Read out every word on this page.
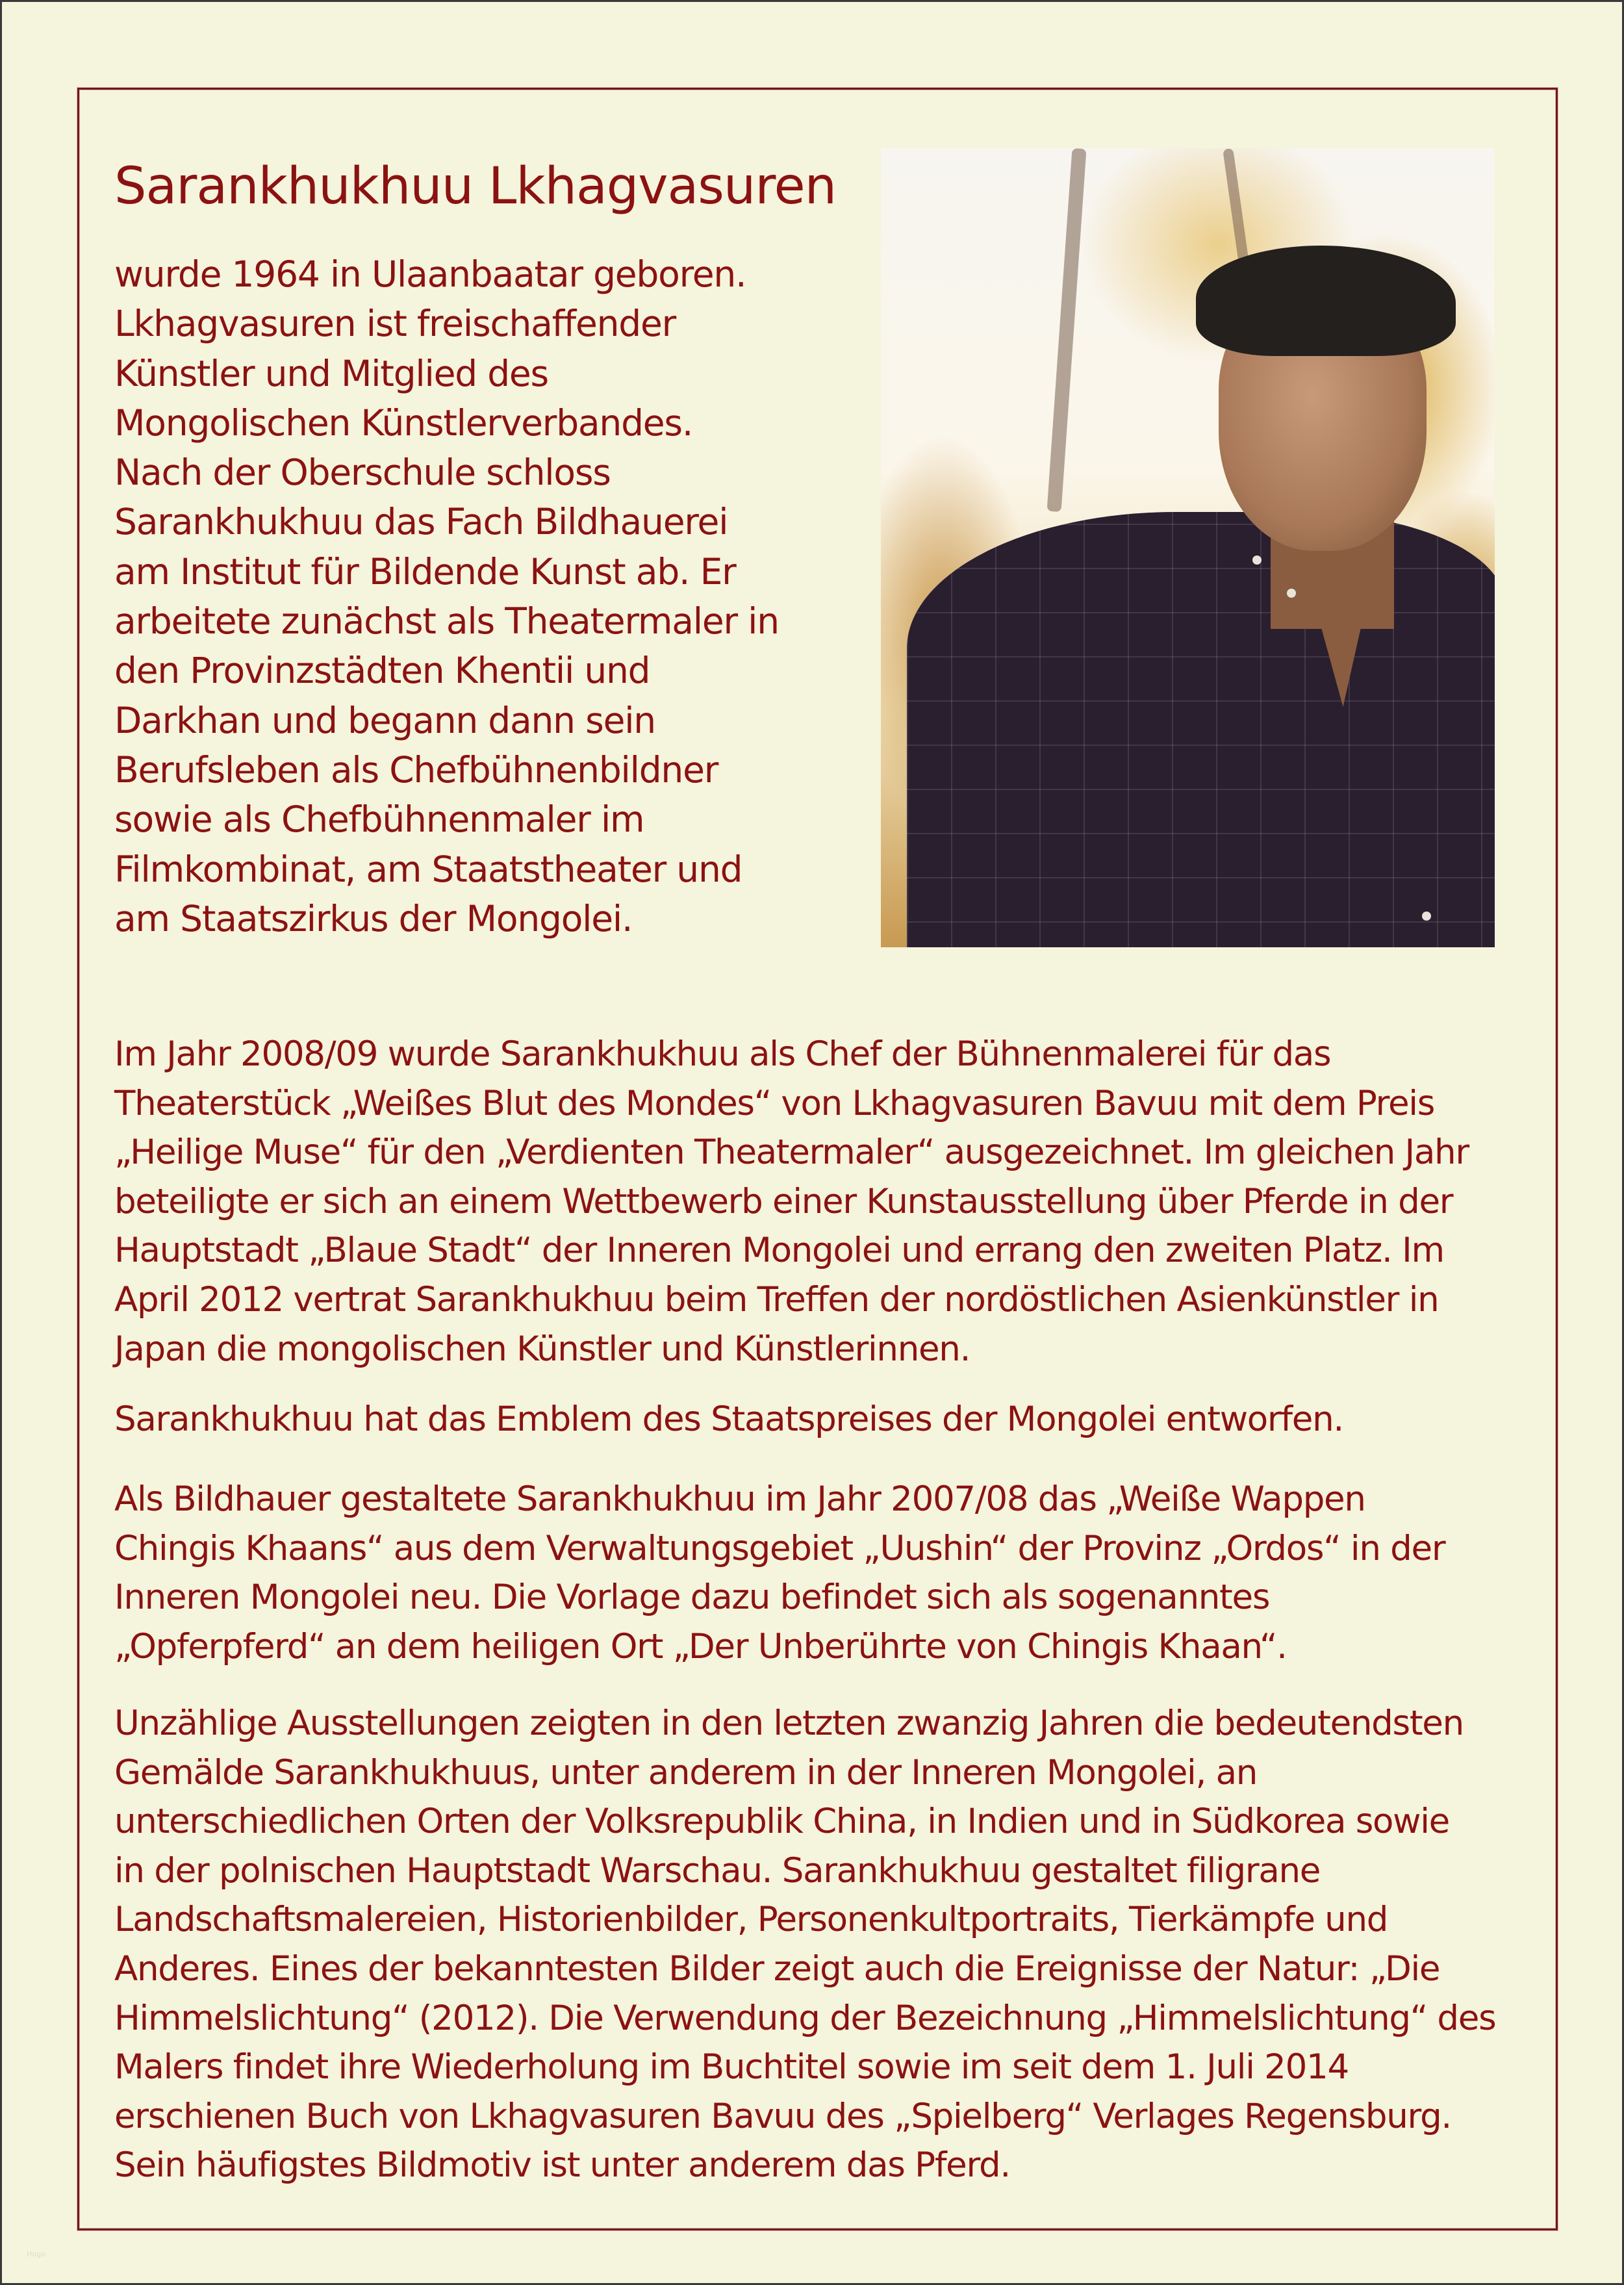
Sarankhukhuu Lkhagvasuren
wurde 1964 in Ulaanbaatar geboren.
Lkhagvasuren ist freischaffender
Künstler und Mitglied des
Mongolischen Künstlerverbandes.
Nach der Oberschule schloss
Sarankhukhuu das Fach Bildhauerei
am Institut für Bildende Kunst ab. Er
arbeitete zunächst als Theatermaler in
den Provinzstädten Khentii und
Darkhan und begann dann sein
Berufsleben als Chefbühnenbildner
sowie als Chefbühnenmaler im
Filmkombinat, am Staatstheater und
am Staatszirkus der Mongolei.
Im Jahr 2008/09 wurde Sarankhukhuu als Chef der Bühnenmalerei für das
Theaterstück „Weißes Blut des Mondes“ von Lkhagvasuren Bavuu mit dem Preis
„Heilige Muse“ für den „Verdienten Theatermaler“ ausgezeichnet. Im gleichen Jahr
beteiligte er sich an einem Wettbewerb einer Kunstausstellung über Pferde in der
Hauptstadt „Blaue Stadt“ der Inneren Mongolei und errang den zweiten Platz. Im
April 2012 vertrat Sarankhukhuu beim Treffen der nordöstlichen Asienkünstler in
Japan die mongolischen Künstler und Künstlerinnen.
Sarankhukhuu hat das Emblem des Staatspreises der Mongolei entworfen.
Als Bildhauer gestaltete Sarankhukhuu im Jahr 2007/08 das „Weiße Wappen
Chingis Khaans“ aus dem Verwaltungsgebiet „Uushin“ der Provinz „Ordos“ in der
Inneren Mongolei neu. Die Vorlage dazu befindet sich als sogenanntes
„Opferpferd“ an dem heiligen Ort „Der Unberührte von Chingis Khaan“.
Unzählige Ausstellungen zeigten in den letzten zwanzig Jahren die bedeutendsten
Gemälde Sarankhukhuus, unter anderem in der Inneren Mongolei, an
unterschiedlichen Orten der Volksrepublik China, in Indien und in Südkorea sowie
in der polnischen Hauptstadt Warschau. Sarankhukhuu gestaltet filigrane
Landschaftsmalereien, Historienbilder, Personenkultportraits, Tierkämpfe und
Anderes. Eines der bekanntesten Bilder zeigt auch die Ereignisse der Natur: „Die
Himmelslichtung“ (2012). Die Verwendung der Bezeichnung „Himmelslichtung“ des
Malers findet ihre Wiederholung im Buchtitel sowie im seit dem 1. Juli 2014
erschienen Buch von Lkhagvasuren Bavuu des „Spielberg“ Verlages Regensburg.
Sein häufigstes Bildmotiv ist unter anderem das Pferd.
Hugo
